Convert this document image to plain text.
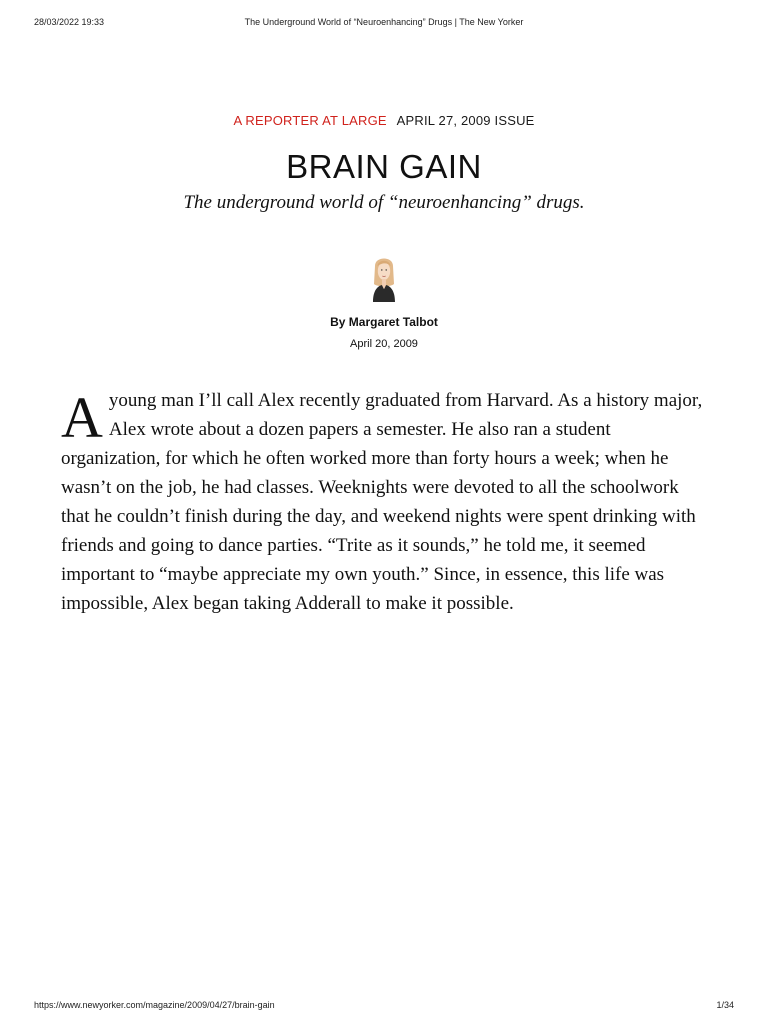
28/03/2022 19:33	The Underground World of “Neuroenhancing” Drugs | The New Yorker
A REPORTER AT LARGE APRIL 27, 2009 ISSUE
BRAIN GAIN

The underground world of “neuroenhancing” drugs.

By Margaret Talbot
April 20, 2009

Ayoung man I’ll call Alex recently graduated from Harvard. As a history major, Alex wrote about a dozen papers a semester. He also ran a student organization, for which he often worked more than forty hours a week; when he wasn’t on the job, he had classes. Weeknights were devoted to all the schoolwork that he couldn’t finish during the day, and weekend nights were spent drinking with friends and going to dance parties. “Trite as it sounds,” he told me, it seemed important to “maybe appreciate my own youth.” Since, in essence, this life was impossible, Alex began taking Adderall to make it possible.

https://www.newyorker.com/magazine/2009/04/27/brain-gain	1/34
